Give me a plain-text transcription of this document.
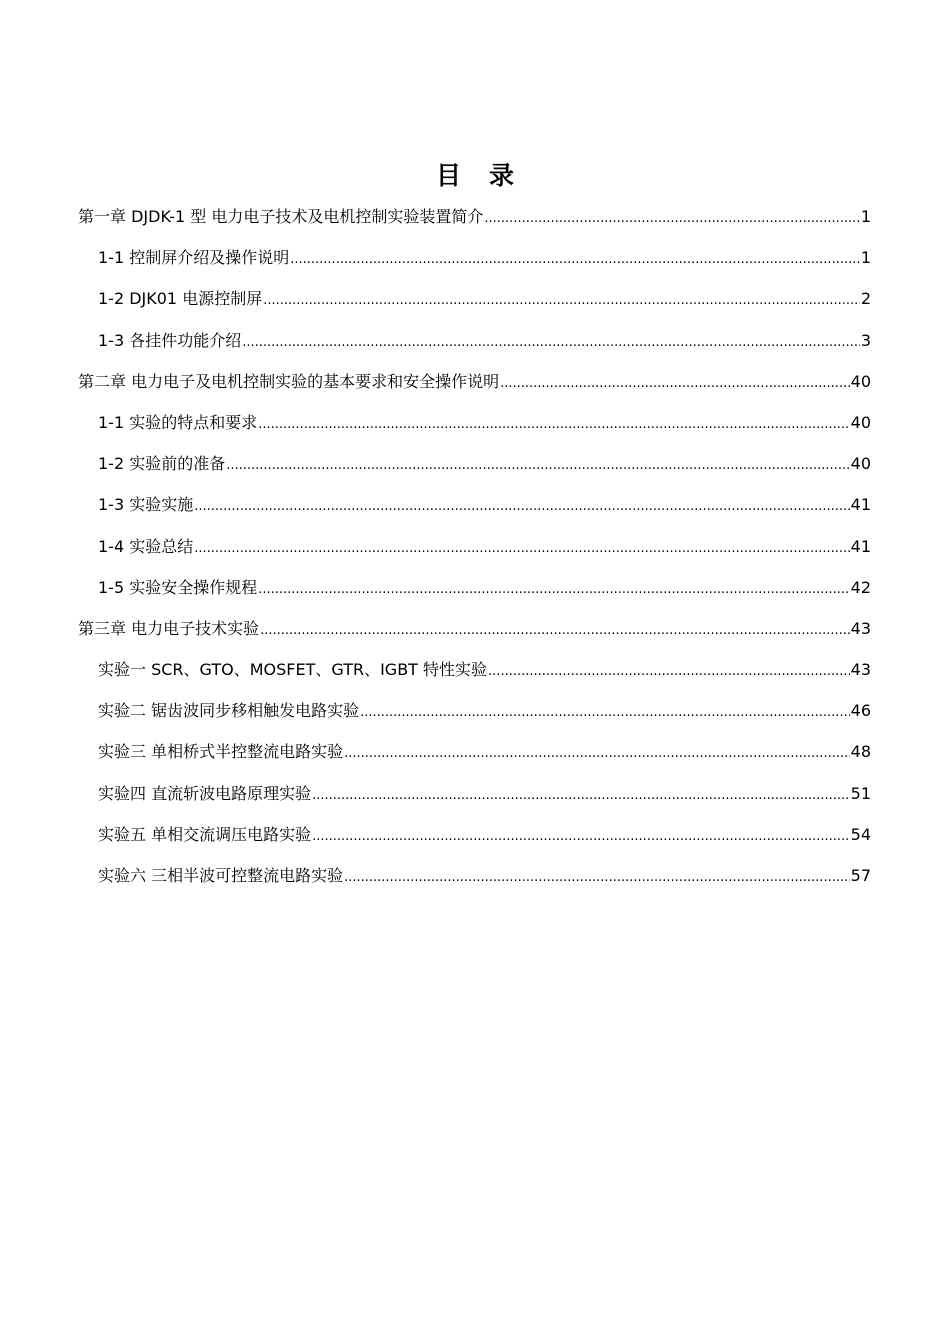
目 录
第一章 DJDK-1 型 电力电子技术及电机控制实验装置简介 .....	1
1-1 控制屏介绍及操作说明 .....	1
1-2 DJK01 电源控制屏 .....	2
1-3 各挂件功能介绍 .....	3
第二章 电力电子及电机控制实验的基本要求和安全操作说明 .....	40
1-1 实验的特点和要求 .....	40
1-2 实验前的准备 .....	40
1-3 实验实施 .....	41
1-4 实验总结 .....	41
1-5 实验安全操作规程 .....	42
第三章 电力电子技术实验 .....	43
实验一 SCR、GTO、MOSFET、GTR、IGBT 特性实验 .....	43
实验二 锯齿波同步移相触发电路实验 .....	46
实验三 单相桥式半控整流电路实验 .....	48
实验四 直流斩波电路原理实验 .....	51
实验五 单相交流调压电路实验 .....	54
实验六 三相半波可控整流电路实验 .....	57
